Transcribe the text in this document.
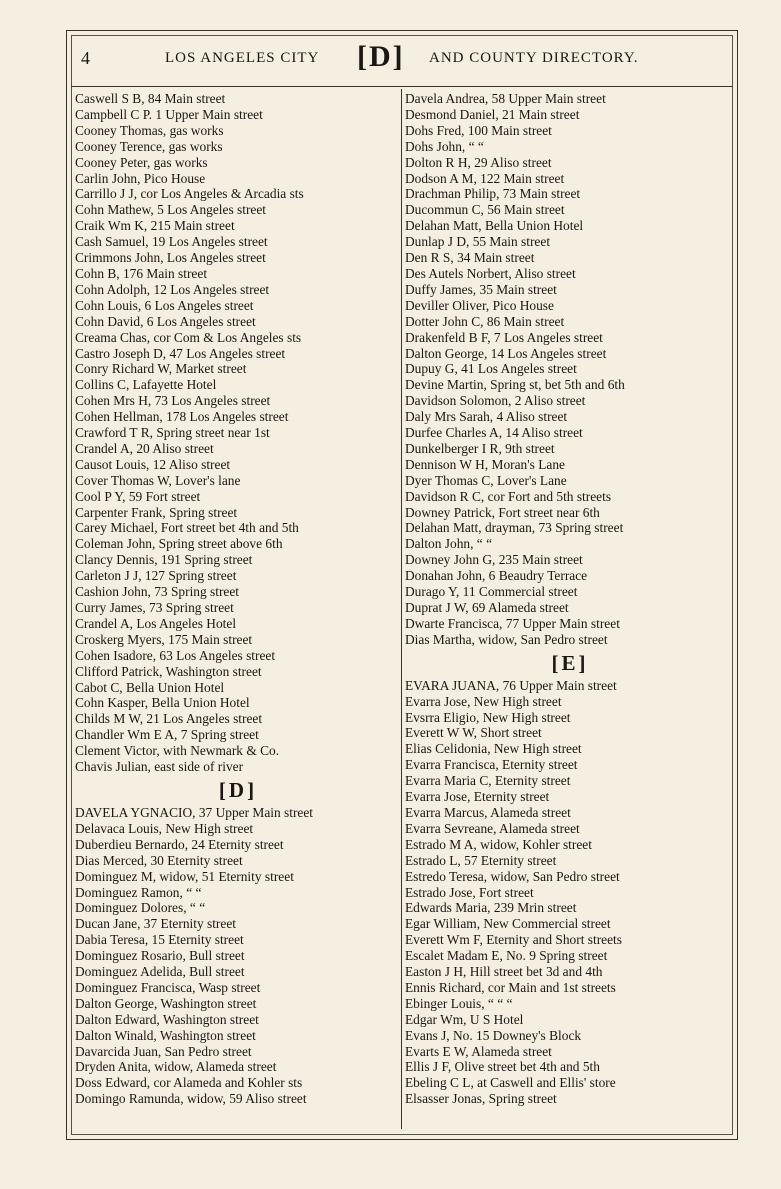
4	LOS ANGELES CITY [D] AND COUNTY DIRECTORY.
Caswell S B, 84 Main street
Campbell C P. 1 Upper Main street
Cooney Thomas, gas works
Cooney Terence, gas works
Cooney Peter, gas works
Carlin John, Pico House
Carrillo J J, cor Los Angeles & Arcadia sts
Cohn Mathew, 5 Los Angeles street
Craik Wm K, 215 Main street
Cash Samuel, 19 Los Angeles street
Crimmons John, Los Angeles street
Cohn B, 176 Main street
Cohn Adolph, 12 Los Angeles street
Cohn Louis, 6 Los Angeles street
Cohn David, 6 Los Angeles street
Creama Chas, cor Com & Los Angeles sts
Castro Joseph D, 47 Los Angeles street
Conry Richard W, Market street
Collins C, Lafayette Hotel
Cohen Mrs H, 73 Los Angeles street
Cohen Hellman, 178 Los Angeles street
Crawford T R, Spring street near 1st
Crandel A, 20 Aliso street
Causot Louis, 12 Aliso street
Cover Thomas W, Lover's lane
Cool P Y, 59 Fort street
Carpenter Frank, Spring street
Carey Michael, Fort street bet 4th and 5th
Coleman John, Spring street above 6th
Clancy Dennis, 191 Spring street
Carleton J J, 127 Spring street
Cashion John, 73 Spring street
Curry James, 73 Spring street
Crandel A, Los Angeles Hotel
Croskerg Myers, 175 Main street
Cohen Isadore, 63 Los Angeles street
Clifford Patrick, Washington street
Cabot C, Bella Union Hotel
Cohn Kasper, Bella Union Hotel
Childs M W, 21 Los Angeles street
Chandler Wm E A, 7 Spring street
Clement Victor, with Newmark & Co.
Chavis Julian, east side of river
[D]
DAVELA YGNACIO, 37 Upper Main street
Delavaca Louis, New High street
Duberdieu Bernardo, 24 Eternity street
Dias Merced, 30 Eternity street
Dominguez M, widow, 51 Eternity street
Dominguez Ramon, “ “
Dominguez Dolores, “ “
Ducan Jane, 37 Eternity street
Dabia Teresa, 15 Eternity street
Dominguez Rosario, Bull street
Dominguez Adelida, Bull street
Dominguez Francisca, Wasp street
Dalton George, Washington street
Dalton Edward, Washington street
Dalton Winald, Washington street
Davarcida Juan, San Pedro street
Dryden Anita, widow, Alameda street
Doss Edward, cor Alameda and Kohler sts
Domingo Ramunda, widow, 59 Aliso street
Davela Andrea, 58 Upper Main street
Desmond Daniel, 21 Main street
Dohs Fred, 100 Main street
Dohs John, “ “
Dolton R H, 29 Aliso street
Dodson A M, 122 Main street
Drachman Philip, 73 Main street
Ducommun C, 56 Main street
Delahan Matt, Bella Union Hotel
Dunlap J D, 55 Main street
Den R S, 34 Main street
Des Autels Norbert, Aliso street
Duffy James, 35 Main street
Deviller Oliver, Pico House
Dotter John C, 86 Main street
Drakenfeld B F, 7 Los Angeles street
Dalton George, 14 Los Angeles street
Dupuy G, 41 Los Angeles street
Devine Martin, Spring st, bet 5th and 6th
Davidson Solomon, 2 Aliso street
Daly Mrs Sarah, 4 Aliso street
Durfee Charles A, 14 Aliso street
Dunkelberger I R, 9th street
Dennison W H, Moran's Lane
Dyer Thomas C, Lover's Lane
Davidson R C, cor Fort and 5th streets
Downey Patrick, Fort street near 6th
Delahan Matt, drayman, 73 Spring street
Dalton John, “ “
Downey John G, 235 Main street
Donahan John, 6 Beaudry Terrace
Durago Y, 11 Commercial street
Duprat J W, 69 Alameda street
Dwarte Francisca, 77 Upper Main street
Dias Martha, widow, San Pedro street
[E]
EVARA JUANA, 76 Upper Main street
Evarra Jose, New High street
Evsrra Eligio, New High street
Everett W W, Short street
Elias Celidonia, New High street
Evarra Francisca, Eternity street
Evarra Maria C, Eternity street
Evarra Jose, Eternity street
Evarra Marcus, Alameda street
Evarra Sevreane, Alameda street
Estrado M A, widow, Kohler street
Estrado L, 57 Eternity street
Estredo Teresa, widow, San Pedro street
Estrado Jose, Fort street
Edwards Maria, 239 Mrin street
Egar William, New Commercial street
Everett Wm F, Eternity and Short streets
Escalet Madam E, No. 9 Spring street
Easton J H, Hill street bet 3d and 4th
Ennis Richard, cor Main and 1st streets
Ebinger Louis, “ “ “
Edgar Wm, U S Hotel
Evans J, No. 15 Downey's Block
Evarts E W, Alameda street
Ellis J F, Olive street bet 4th and 5th
Ebeling C L, at Caswell and Ellis' store
Elsasser Jonas, Spring street
